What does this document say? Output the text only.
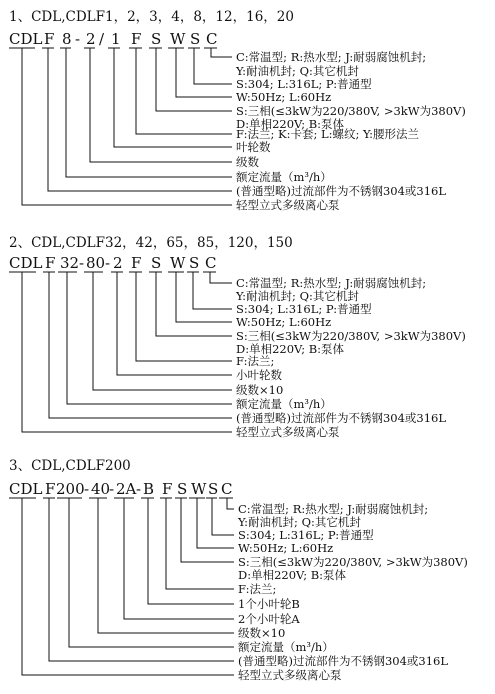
1、CDL,CDLF1，2，3，4，8，12，16，20
CDL F 8 - 2 / 1 F S W S C
C:常温型; R:热水型; J:耐弱腐蚀机封;
Y:耐油机封; Q:其它机封
S:304; L:316L; P:普通型
W:50Hz; L:60Hz
S:三相(≤3kW为220/380V, >3kW为380V)
D:单相220V; B:泵体
F:法兰; K:卡套; L:螺纹; Y:腰形法兰
叶轮数
级数
额定流量（m³/h）
(普通型略)过流部件为不锈钢304或316L
轻型立式多级离心泵
2、CDL,CDLF32，42，65，85，120，150
CDL F 32 - 80 - 2 F S W S C
C:常温型; R:热水型; J:耐弱腐蚀机封;
Y:耐油机封; Q:其它机封
S:304; L:316L; P:普通型
W:50Hz; L:60Hz
S:三相(≤3kW为220/380V, >3kW为380V)
D:单相220V; B:泵体
F:法兰;
小叶轮数
级数×10
额定流量（m³/h）
(普通型略)过流部件为不锈钢304或316L
轻型立式多级离心泵
3、CDL,CDLF200
CDL F 200 - 40
- 2A - B F S W S C
C:常温型; R:热水型; J:耐弱腐蚀机封;
Y:耐油机封; Q:其它机封
S:304; L:316L; P:普通型
W:50Hz; L:60Hz
S:三相(≤3kW为220/380V, >3kW为380V)
D:单相220V; B:泵体
F:法兰;
1个小叶轮B
2个小叶轮A
级数×10
额定流量（m³/h）
(普通型略)过流部件为不锈钢304或316L
轻型立式多级离心泵
